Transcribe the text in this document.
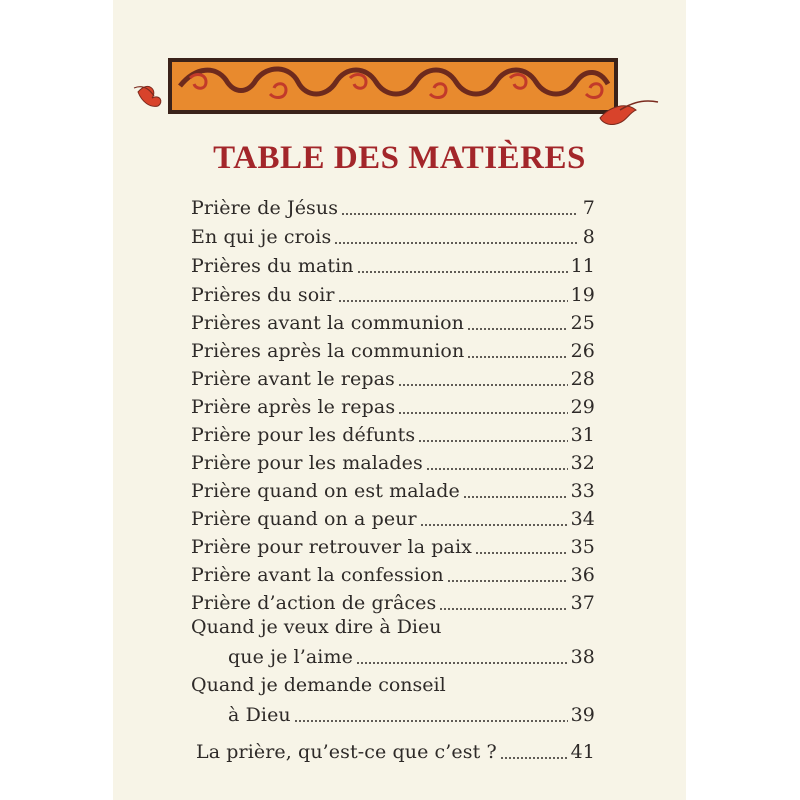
TABLE DES MATIÈRES
Prière de Jésus	7
En qui je crois	8
Prières du matin	11
Prières du soir	19
Prières avant la communion	25
Prières après la communion	26
Prière avant le repas	28
Prière après le repas	29
Prière pour les défunts	31
Prière pour les malades	32
Prière quand on est malade	33
Prière quand on a peur	34
Prière pour retrouver la paix	35
Prière avant la confession	36
Prière d’action de grâces	37
Quand je veux dire à Dieu
que je l’aime	38
Quand je demande conseil
à Dieu	39
La prière, qu’est-ce que c’est ?	41
